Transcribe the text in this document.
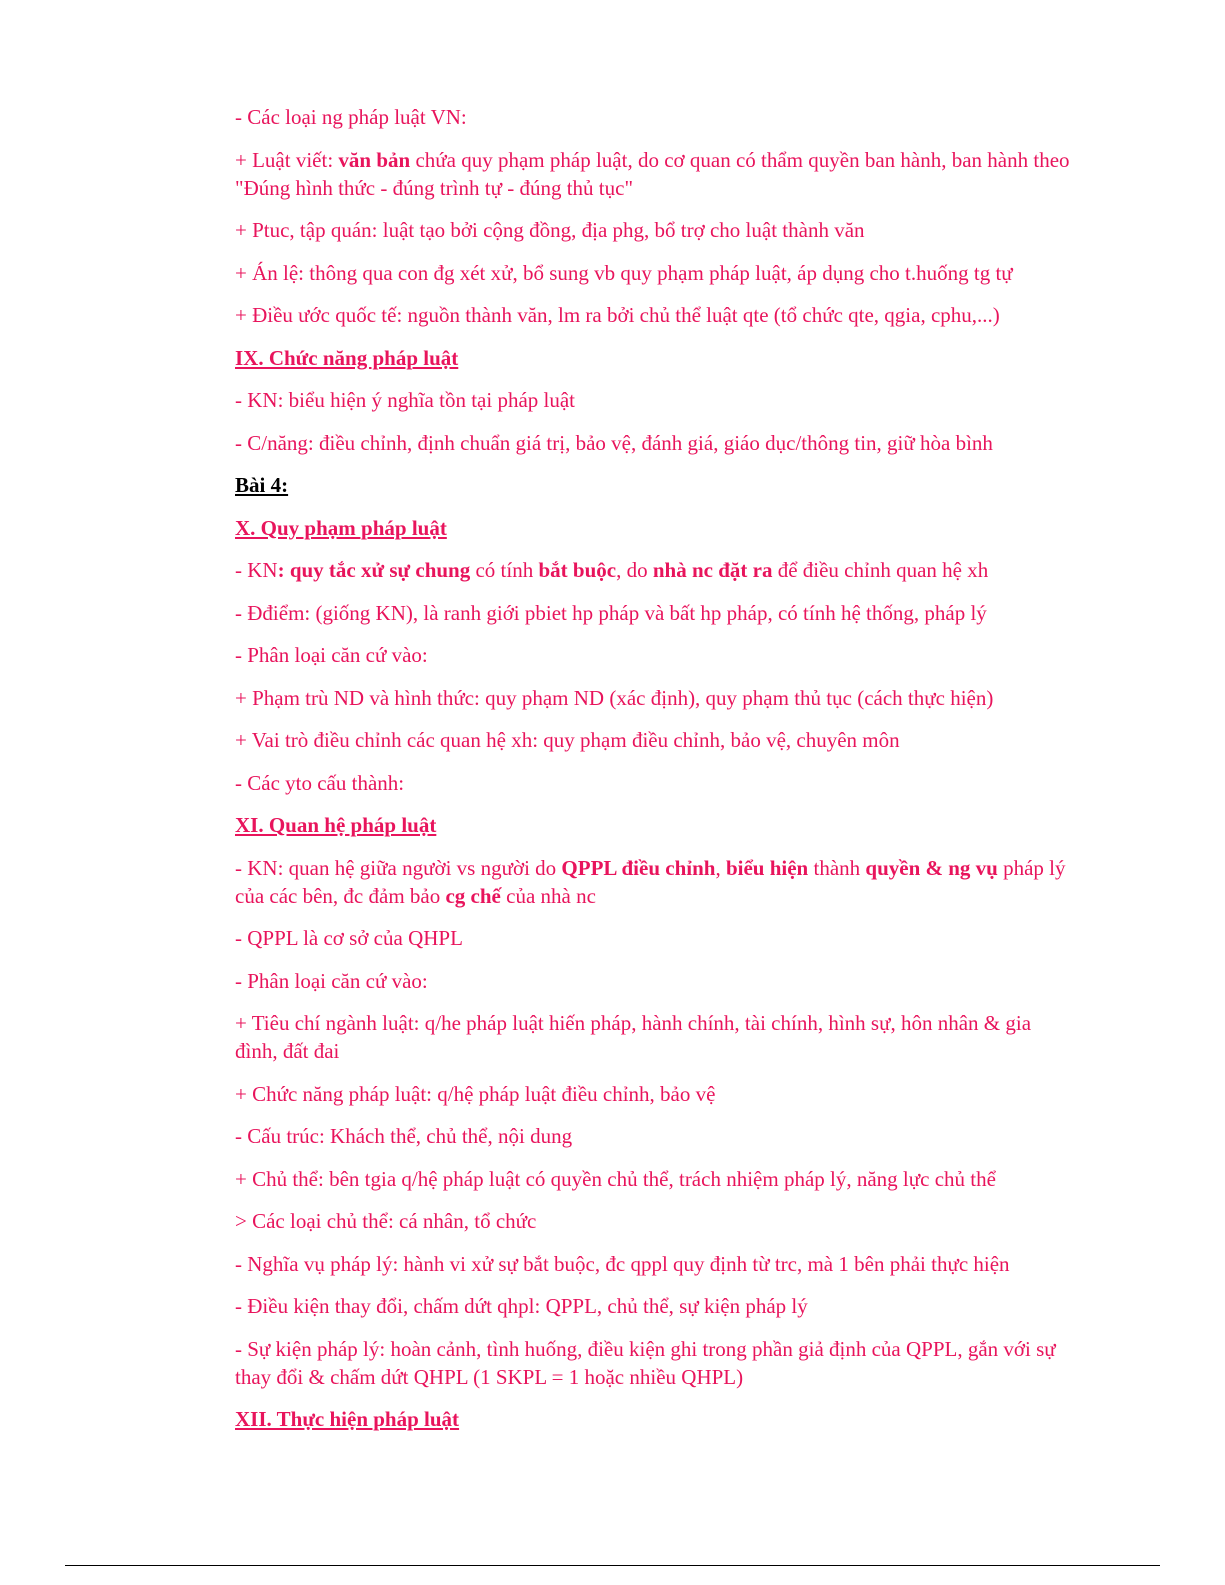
- Các loại ng pháp luật VN:

+ Luật viết: văn bản chứa quy phạm pháp luật, do cơ quan có thẩm quyền ban hành, ban hành theo "Đúng hình thức - đúng trình tự - đúng thủ tục"

+ Ptuc, tập quán: luật tạo bởi cộng đồng, địa phg, bổ trợ cho luật thành văn

+ Án lệ: thông qua con đg xét xử, bổ sung vb quy phạm pháp luật, áp dụng cho t.huống tg tự

+ Điều ước quốc tế: nguồn thành văn, lm ra bởi chủ thể luật qte (tổ chức qte, qgia, cphu,...)

IX. Chức năng pháp luật

- KN: biểu hiện ý nghĩa tồn tại pháp luật

- C/năng: điều chỉnh, định chuẩn giá trị, bảo vệ, đánh giá, giáo dục/thông tin, giữ hòa bình

Bài 4:

X. Quy phạm pháp luật

- KN: quy tắc xử sự chung có tính bắt buộc, do nhà nc đặt ra để điều chỉnh quan hệ xh

- Đđiểm: (giống KN), là ranh giới pbiet hp pháp và bất hp pháp, có tính hệ thống, pháp lý

- Phân loại căn cứ vào:

+ Phạm trù ND và hình thức: quy phạm ND (xác định), quy phạm thủ tục (cách thực hiện)

+ Vai trò điều chỉnh các quan hệ xh: quy phạm điều chỉnh, bảo vệ, chuyên môn

- Các yto cấu thành:

XI. Quan hệ pháp luật

- KN: quan hệ giữa người vs người do QPPL điều chỉnh, biểu hiện thành quyền & ng vụ pháp lý của các bên, đc đảm bảo cg chế của nhà nc

- QPPL là cơ sở của QHPL

- Phân loại căn cứ vào:

+ Tiêu chí ngành luật: q/he pháp luật hiến pháp, hành chính, tài chính, hình sự, hôn nhân & gia đình, đất đai

+ Chức năng pháp luật: q/hệ pháp luật điều chỉnh, bảo vệ

- Cấu trúc: Khách thể, chủ thể, nội dung

+ Chủ thể: bên tgia q/hệ pháp luật có quyền chủ thể, trách nhiệm pháp lý, năng lực chủ thể

> Các loại chủ thể: cá nhân, tổ chức

- Nghĩa vụ pháp lý: hành vi xử sự bắt buộc, đc qppl quy định từ trc, mà 1 bên phải thực hiện

- Điều kiện thay đổi, chấm dứt qhpl: QPPL, chủ thể, sự kiện pháp lý

- Sự kiện pháp lý: hoàn cảnh, tình huống, điều kiện ghi trong phần giả định của QPPL, gắn với sự thay đổi & chấm dứt QHPL (1 SKPL = 1 hoặc nhiều QHPL)

XII. Thực hiện pháp luật
